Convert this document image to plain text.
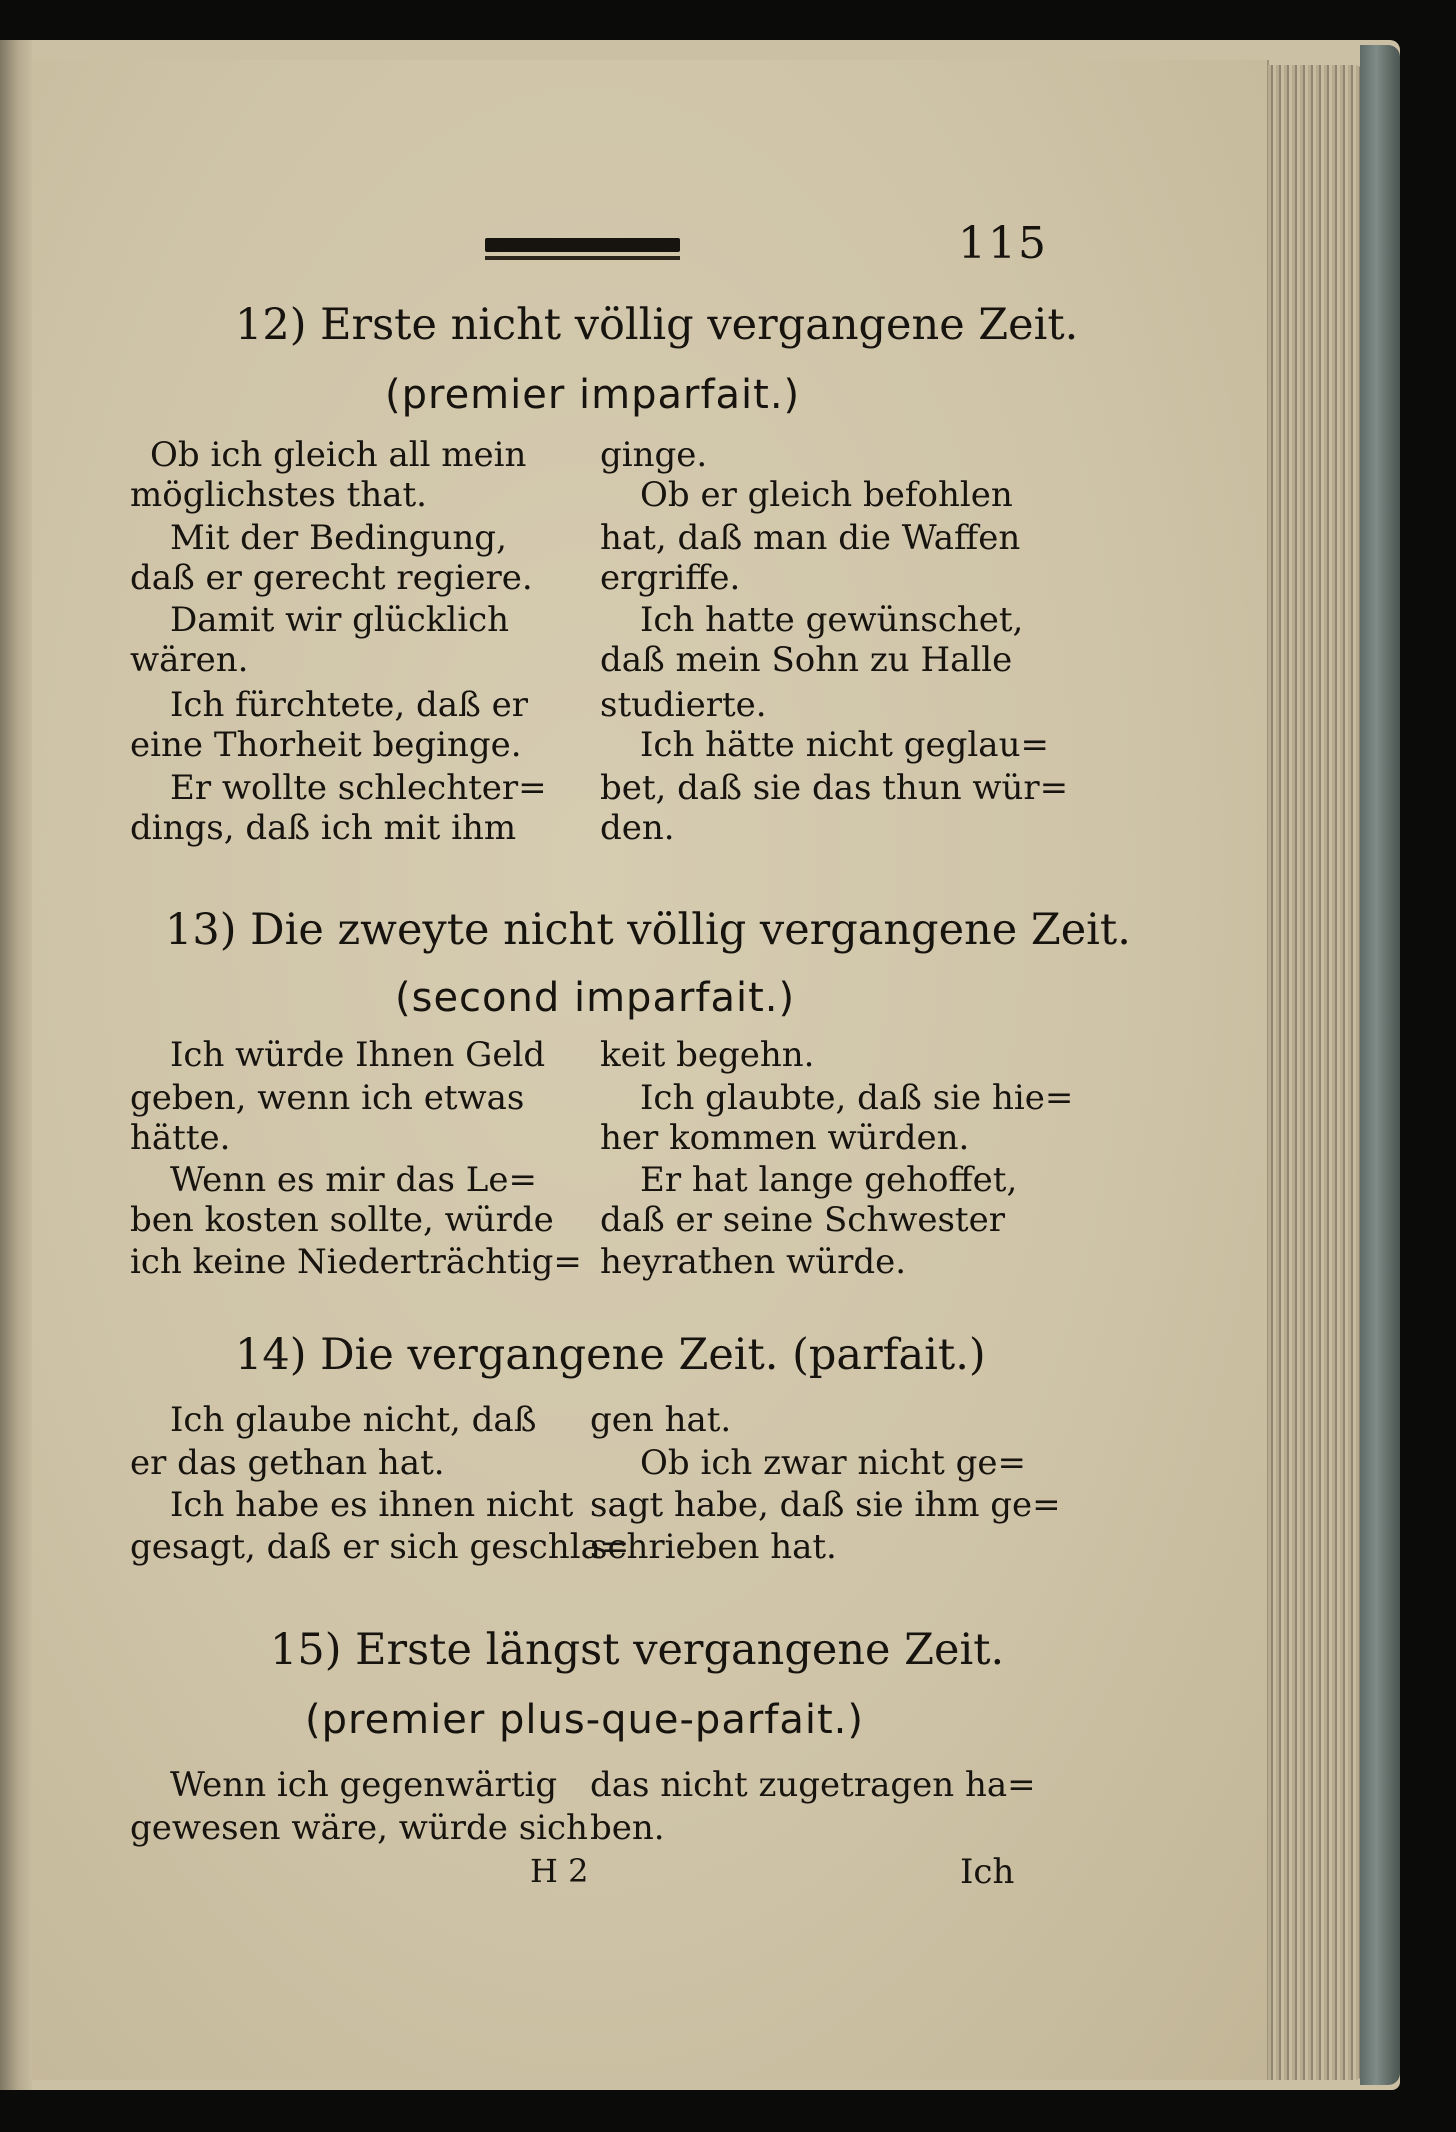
115
12) Erste nicht völlig vergangene Zeit.
(premier imparfait.)
Ob ich gleich all mein
möglichstes that.
Mit der Bedingung,
daß er gerecht regiere.
Damit wir glücklich
wären.
Ich fürchtete, daß er
eine Thorheit beginge.
Er wollte schlechter=
dings, daß ich mit ihm
ginge.
Ob er gleich befohlen
hat, daß man die Waffen
ergriffe.
Ich hatte gewünschet,
daß mein Sohn zu Halle
studierte.
Ich hätte nicht geglau=
bet, daß sie das thun wür=
den.
13) Die zweyte nicht völlig vergangene Zeit.
(second imparfait.)
Ich würde Ihnen Geld
geben, wenn ich etwas
hätte.
Wenn es mir das Le=
ben kosten sollte, würde
ich keine Niederträchtig=
keit begehn.
Ich glaubte, daß sie hie=
her kommen würden.
Er hat lange gehoffet,
daß er seine Schwester
heyrathen würde.
14) Die vergangene Zeit. (parfait.)
Ich glaube nicht, daß
er das gethan hat.
Ich habe es ihnen nicht
gesagt, daß er sich geschla=
gen hat.
Ob ich zwar nicht ge=
sagt habe, daß sie ihm ge=
schrieben hat.
15) Erste längst vergangene Zeit.
(premier plus-que-parfait.)
Wenn ich gegenwärtig
gewesen wäre, würde sich
das nicht zugetragen ha=
ben.
H 2	Ich
